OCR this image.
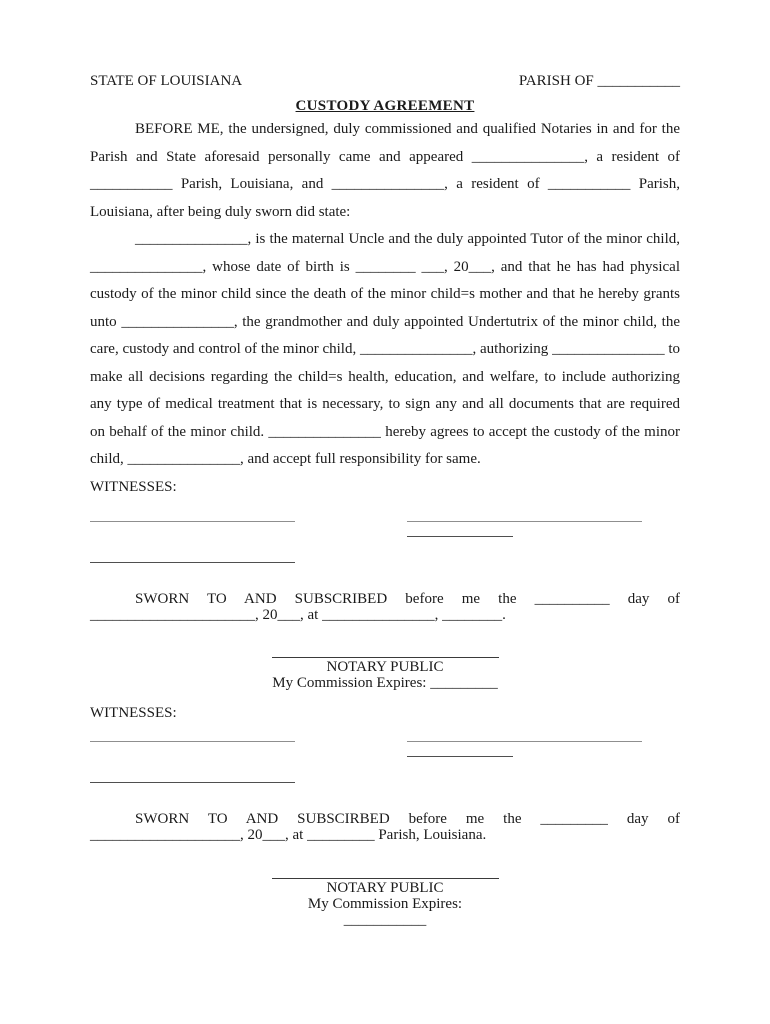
STATE OF LOUISIANA	PARISH OF ___________
CUSTODY AGREEMENT
BEFORE ME, the undersigned, duly commissioned and qualified Notaries in and for the
Parish and State aforesaid personally came and appeared _______________, a resident of
___________ Parish, Louisiana, and _______________, a resident of ___________ Parish,
Louisiana, after being duly sworn did state:
_______________, is the maternal Uncle and the duly appointed Tutor of the minor child,
_______________, whose date of birth is ________ ___, 20___, and that he has had physical
custody of the minor child since the death of the minor child=s mother and that he hereby grants
unto _______________, the grandmother and duly appointed Undertutrix of the minor child, the
care, custody and control of the minor child, _______________, authorizing _______________ to
make all decisions regarding the child=s health, education, and welfare, to include authorizing
any type of medical treatment that is necessary, to sign any and all documents that are required
on behalf of the minor child. _______________ hereby agrees to accept the custody of the minor
child, _______________, and accept full responsibility for same.
WITNESSES:
SWORN TO AND SUBSCRIBED before me the __________ day of
______________________, 20___, at _______________, ________.
NOTARY PUBLIC
My Commission Expires: _________
WITNESSES:
SWORN TO AND SUBSCIRBED before me the _________ day of
____________________, 20___, at _________ Parish, Louisiana.
NOTARY PUBLIC
My Commission Expires: ___________
